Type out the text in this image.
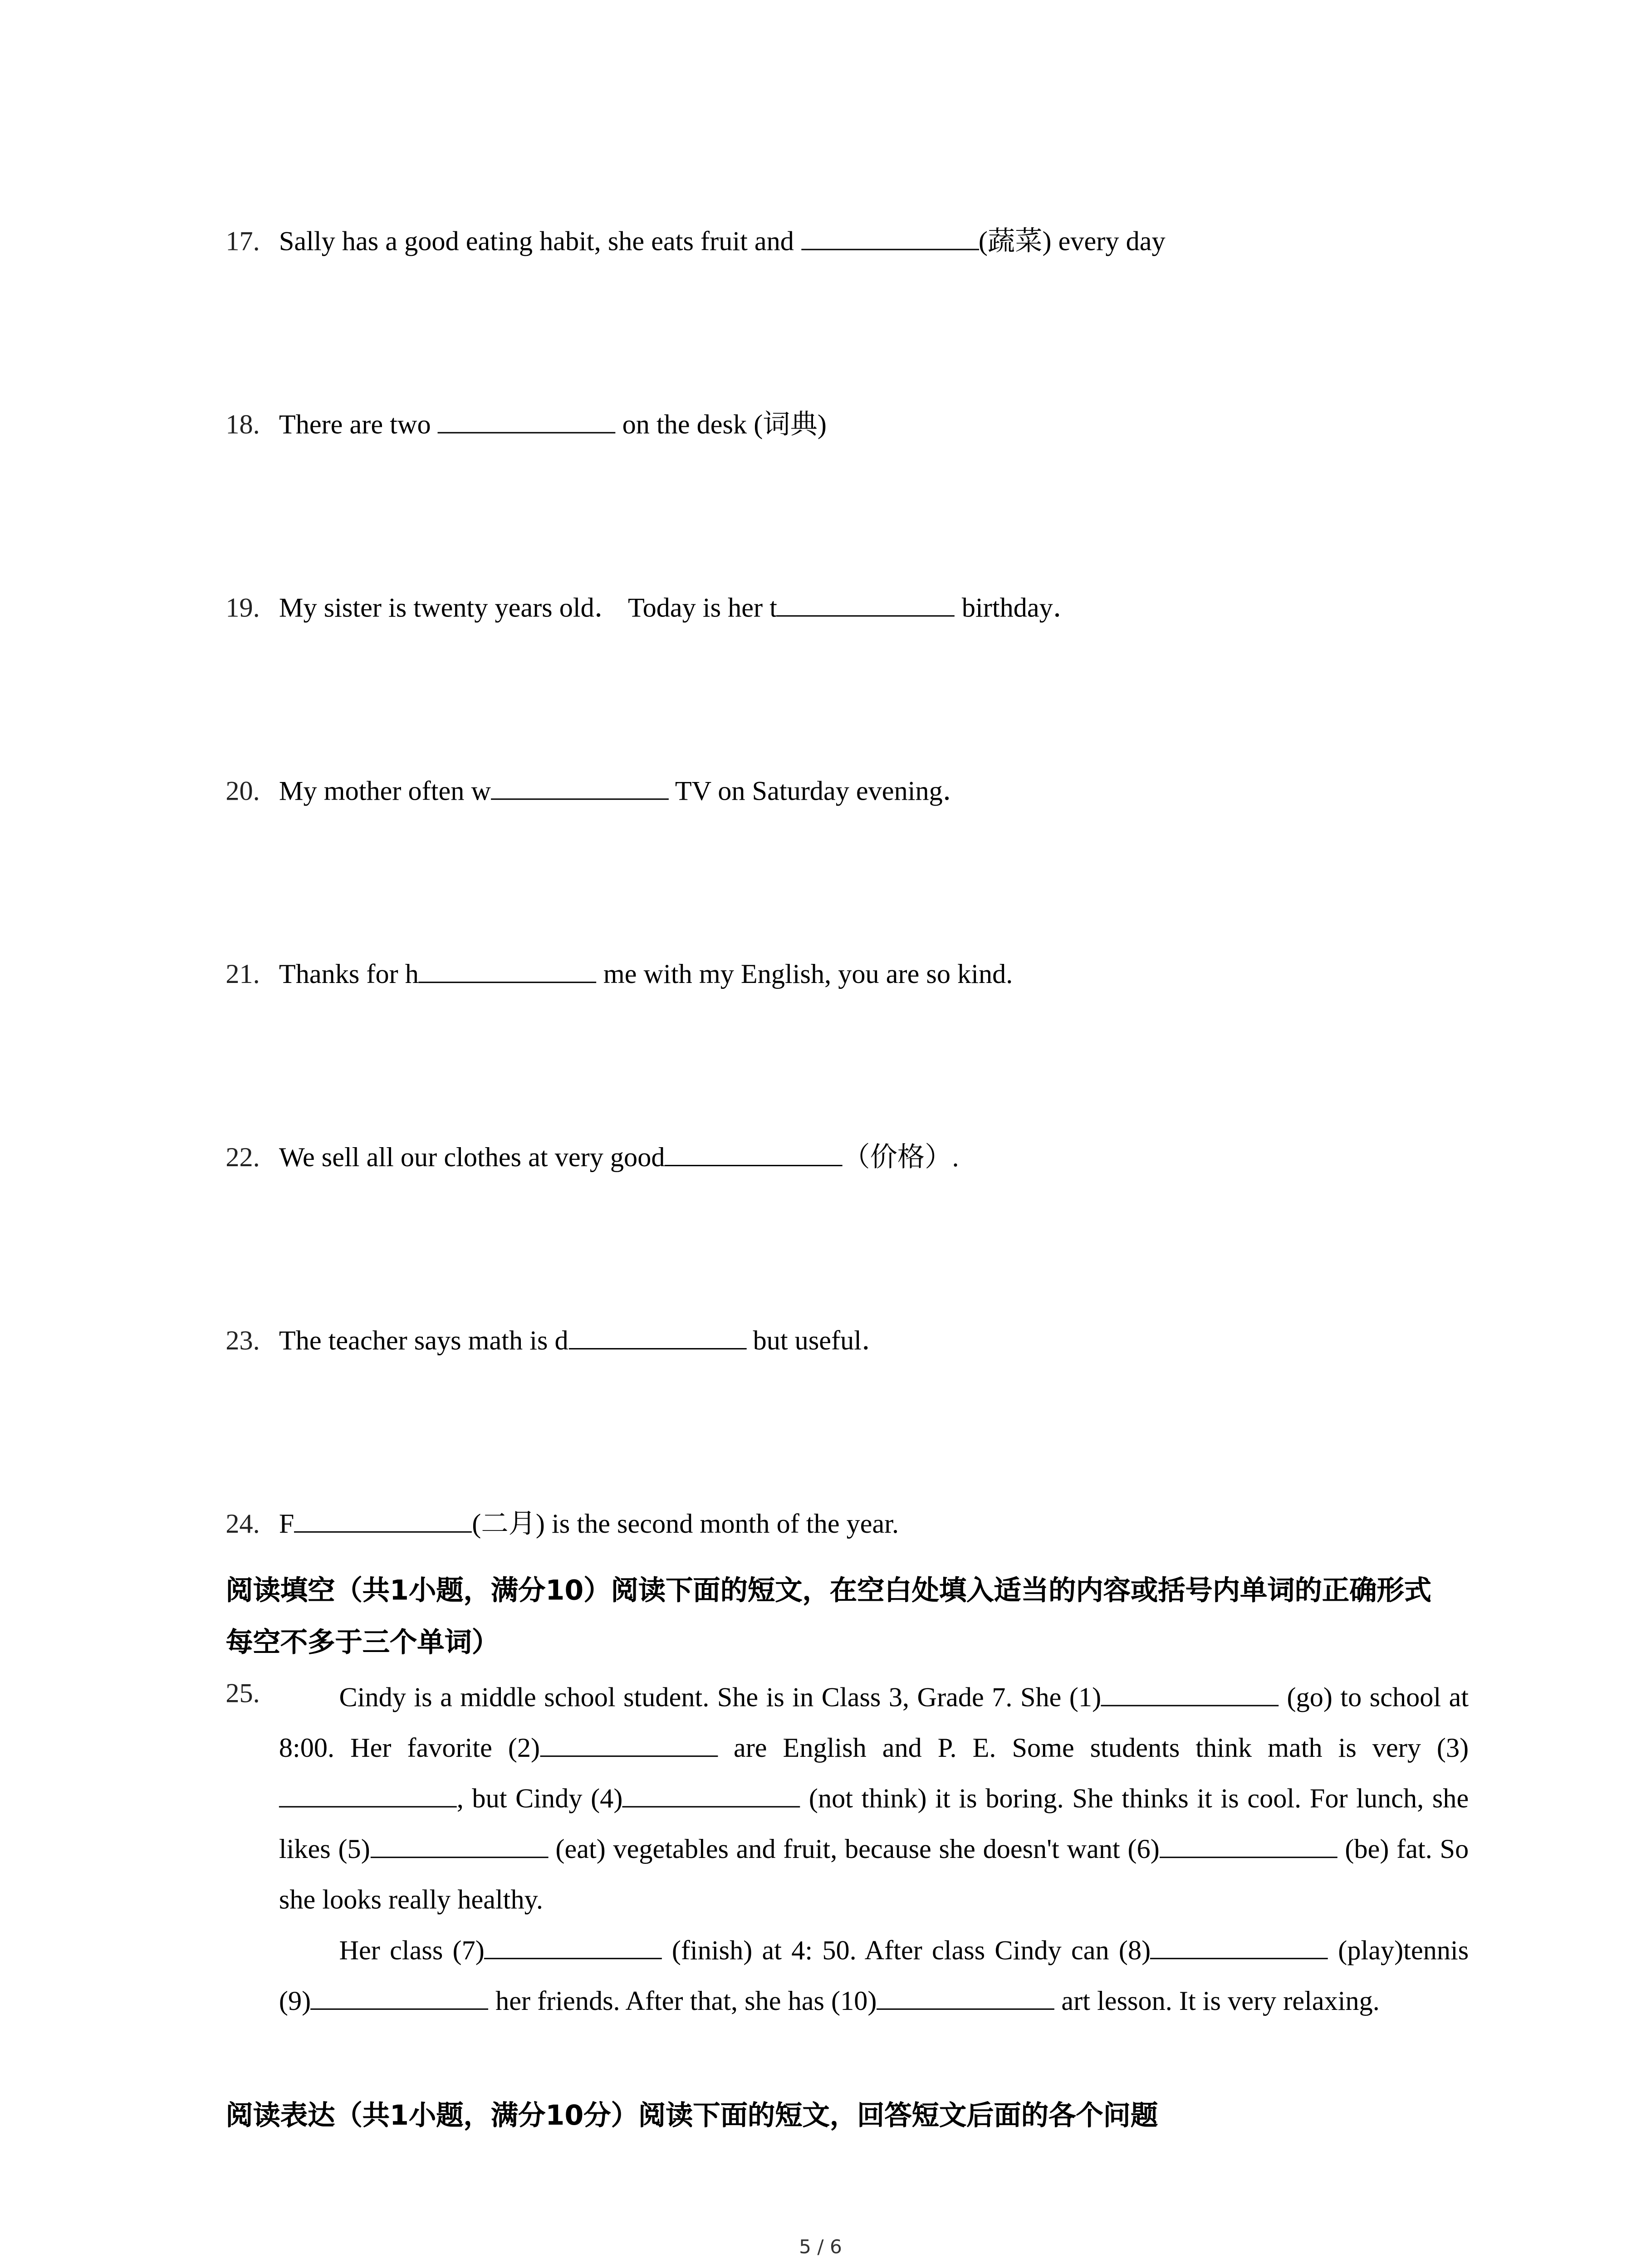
17. Sally has a good eating habit, she eats fruit and	(蔬菜) every day
18. There are two	on the desk (词典)
19. My sister is twenty years old． Today is her t	birthday．
20. My mother often w	TV on Saturday evening．
21. Thanks for h	me with my English, you are so kind.
22. We sell all our clothes at very good	（价格）.
23. The teacher says math is d	but useful．
24. F	(二月) is the second month of the year.
阅读填空（共1小题，满分10）阅读下面的短文，在空白处填入适当的内容或括号内单词的正确形式每空不多于三个单词）
25.	Cindy is a middle school student. She is in Class 3, Grade 7. She (1)	(go) to school at 8:00. Her favorite (2)	are English and P. E. Some students think math is very (3), but Cindy (4)	(not think) it is boring. She thinks it is cool. For lunch, she likes (5)	(eat) vegetables and fruit, because she doesn't want (6)	(be) fat. So she looks really healthy.

Her class (7)	(finish) at 4: 50. After class Cindy can (8)	(play)tennis (9)	her friends. After that, she has (10)	art lesson. It is very relaxing.

阅读表达（共1小题，满分10分）阅读下面的短文，回答短文后面的各个问题
5 / 6
